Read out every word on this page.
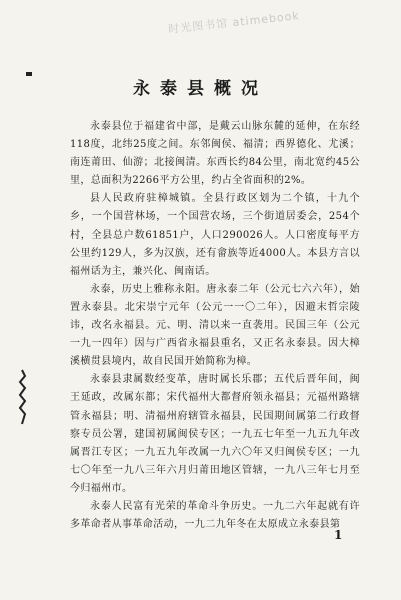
时光图书馆 atimebook
永泰县概况

永泰县位于福建省中部，是戴云山脉东麓的延伸，在东经118度，北纬25度之间。东邻闽侯、福清；西界德化、尤溪；南连莆田、仙游；北接闽清。东西长约84公里，南北宽约45公里，总面积为2266平方公里，约占全省面积的2%。

县人民政府驻樟城镇。全县行政区划为二个镇，十九个乡，一个国营林场，一个国营农场，三个街道居委会，254个村，全县总户数61851户，人口290026人。人口密度每平方公里约129人，多为汉族，还有畲族等近4000人。本县方言以福州话为主，兼兴化、闽南话。

永泰，历史上雅称永阳。唐永泰二年（公元七六六年），始置永泰县。北宋崇宁元年（公元一一〇二年），因避末哲宗陵讳，改名永福县。元、明、清以来一直袭用。民国三年（公元一九一四年）因与广西省永福县重名，又正名永泰县。因大樟溪横贯县境内，故自民国开始简称为樟。

永泰县隶属数经变革，唐时属长乐郡；五代后晋年间，闽王延政，改属东都；宋代福州大都督府领永福县；元福州路辖管永福县；明、清福州府辖管永福县，民国期间属第二行政督察专员公署，建国初属闽侯专区；一九五七年至一九五九年改属晋江专区；一九五九年改属一九六〇年又归闽侯专区；一九七〇年至一九八三年六月归莆田地区管辖，一九八三年七月至今归福州市。

永泰人民富有光荣的革命斗争历史。一九二六年起就有许多革命者从事革命活动，一九二九年冬在太原成立永泰县第

1
